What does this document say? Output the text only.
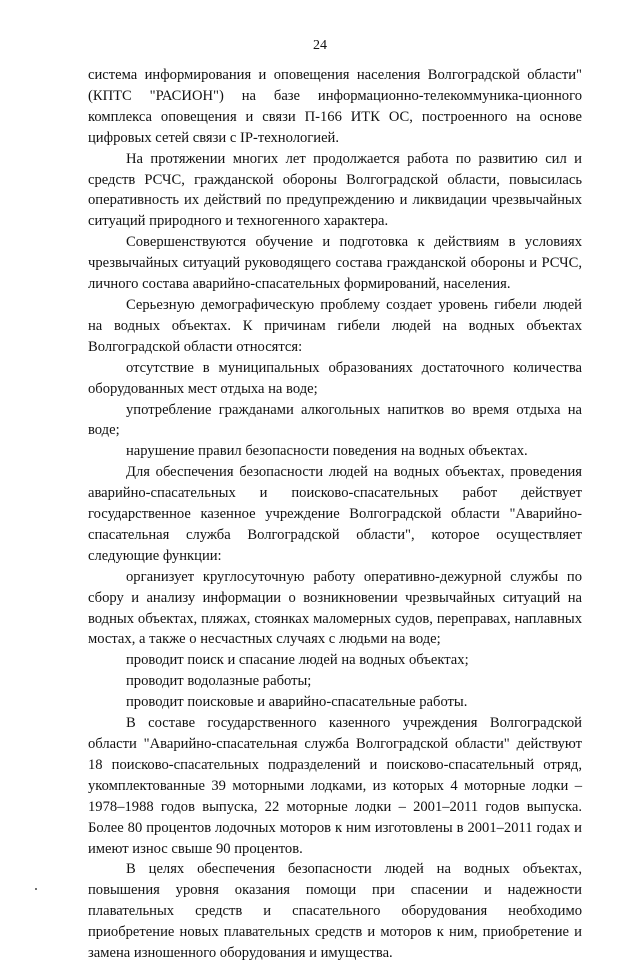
24

система информирования и оповещения населения Волгоградской области" (КПТС "РАСИОН") на базе информационно-телекоммуника-ционного комплекса оповещения и связи П-166 ИТК ОС, построенного на основе цифровых сетей связи с IP-технологией.

На протяжении многих лет продолжается работа по развитию сил и средств РСЧС, гражданской обороны Волгоградской области, повысилась оперативность их действий по предупреждению и ликвидации чрезвычайных ситуаций природного и техногенного характера.

Совершенствуются обучение и подготовка к действиям в условиях чрезвычайных ситуаций руководящего состава гражданской обороны и РСЧС, личного состава аварийно-спасательных формирований, населения.

Серьезную демографическую проблему создает уровень гибели людей на водных объектах. К причинам гибели людей на водных объектах Волгоградской области относятся:

отсутствие в муниципальных образованиях достаточного количества оборудованных мест отдыха на воде;

употребление гражданами алкогольных напитков во время отдыха на воде;

нарушение правил безопасности поведения на водных объектах.

Для обеспечения безопасности людей на водных объектах, проведения аварийно-спасательных и поисково-спасательных работ действует государственное казенное учреждение Волгоградской области "Аварийно-спасательная служба Волгоградской области", которое осуществляет следующие функции:

организует круглосуточную работу оперативно-дежурной службы по сбору и анализу информации о возникновении чрезвычайных ситуаций на водных объектах, пляжах, стоянках маломерных судов, переправах, наплавных мостах, а также о несчастных случаях с людьми на воде;

проводит поиск и спасание людей на водных объектах;

проводит водолазные работы;

проводит поисковые и аварийно-спасательные работы.

В составе государственного казенного учреждения Волгоградской области "Аварийно-спасательная служба Волгоградской области" действуют 18 поисково-спасательных подразделений и поисково-спасательный отряд, укомплектованные 39 моторными лодками, из которых 4 моторные лодки – 1978–1988 годов выпуска, 22 моторные лодки – 2001–2011 годов выпуска. Более 80 процентов лодочных моторов к ним изготовлены в 2001–2011 годах и имеют износ свыше 90 процентов.

В целях обеспечения безопасности людей на водных объектах, повышения уровня оказания помощи при спасении и надежности плавательных средств и спасательного оборудования необходимо приобретение новых плавательных средств и моторов к ним, приобретение и замена изношенного оборудования и имущества.
